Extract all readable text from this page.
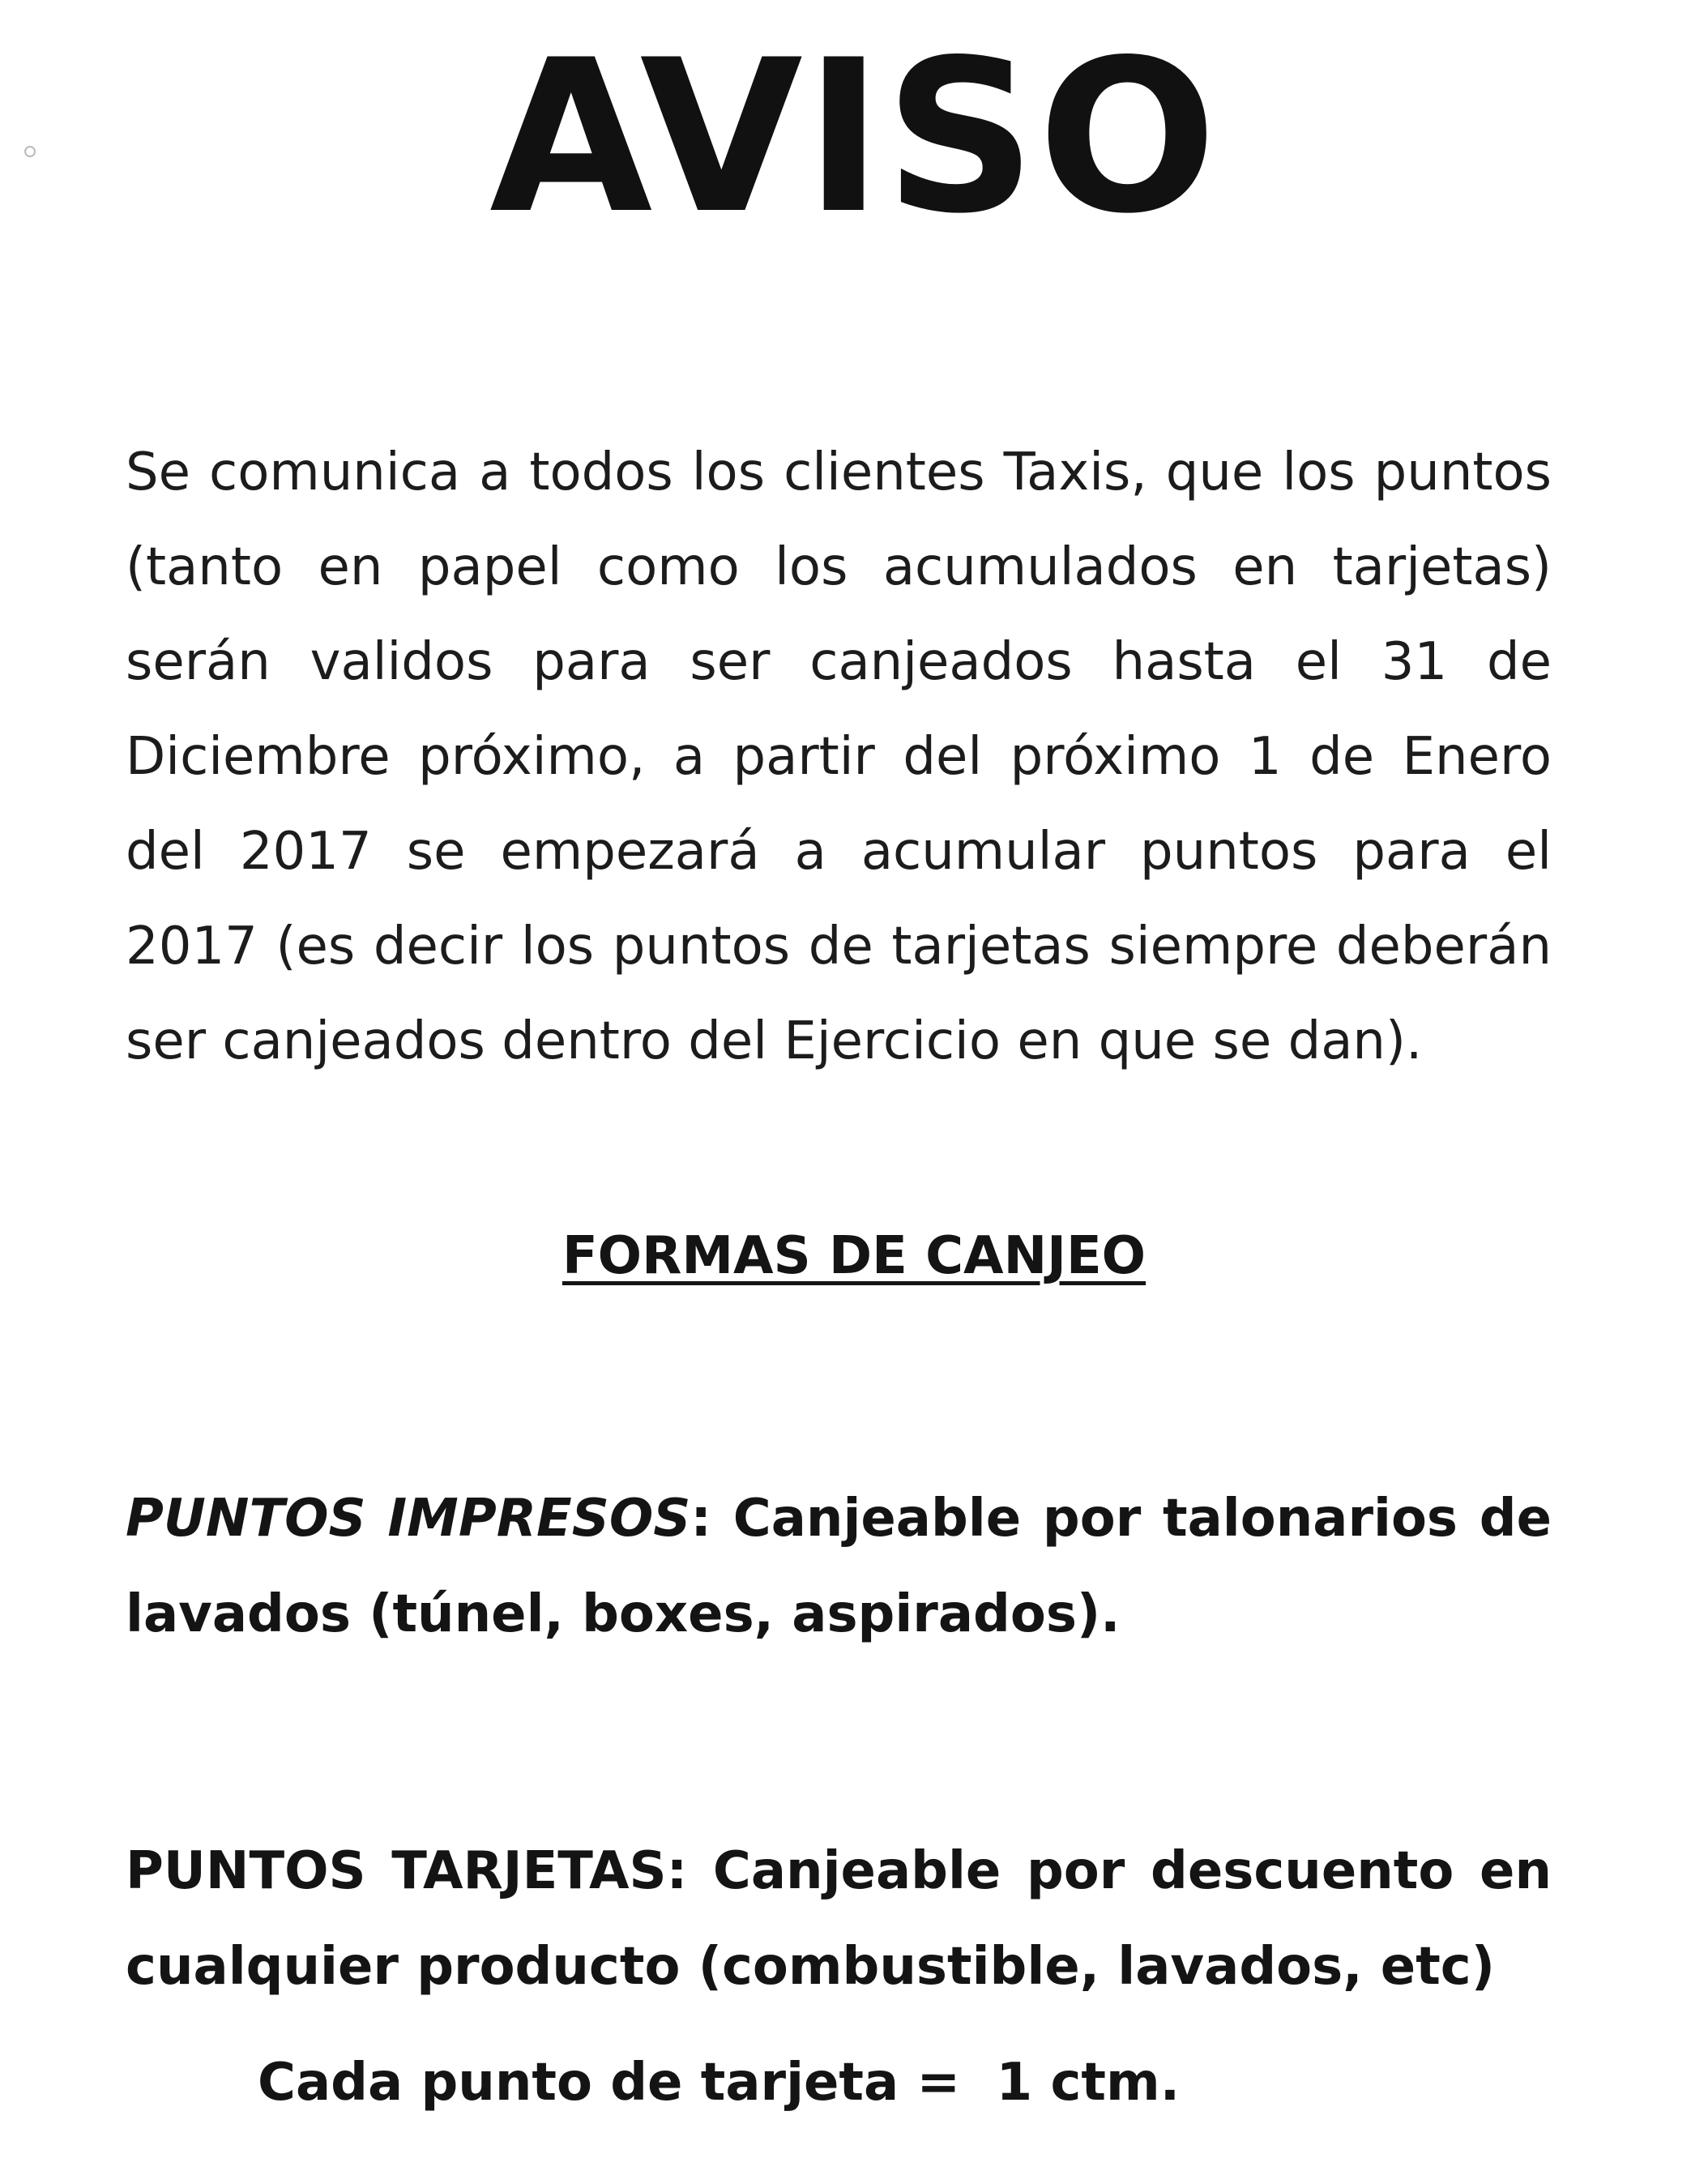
AVISO

Se comunica a todos los clientes Taxis, que los puntos (tanto en papel como los acumulados en tarjetas) serán validos para ser canjeados hasta el 31 de Diciembre próximo, a partir del próximo 1 de Enero del 2017 se empezará a acumular puntos para el 2017 (es decir los puntos de tarjetas siempre deberán ser canjeados dentro del Ejercicio en que se dan).

FORMAS DE CANJEO

PUNTOS IMPRESOS: Canjeable por talonarios de lavados (túnel, boxes, aspirados).

PUNTOS TARJETAS: Canjeable por descuento en cualquier producto (combustible, lavados, etc)

Cada punto de tarjeta =  1 ctm.
